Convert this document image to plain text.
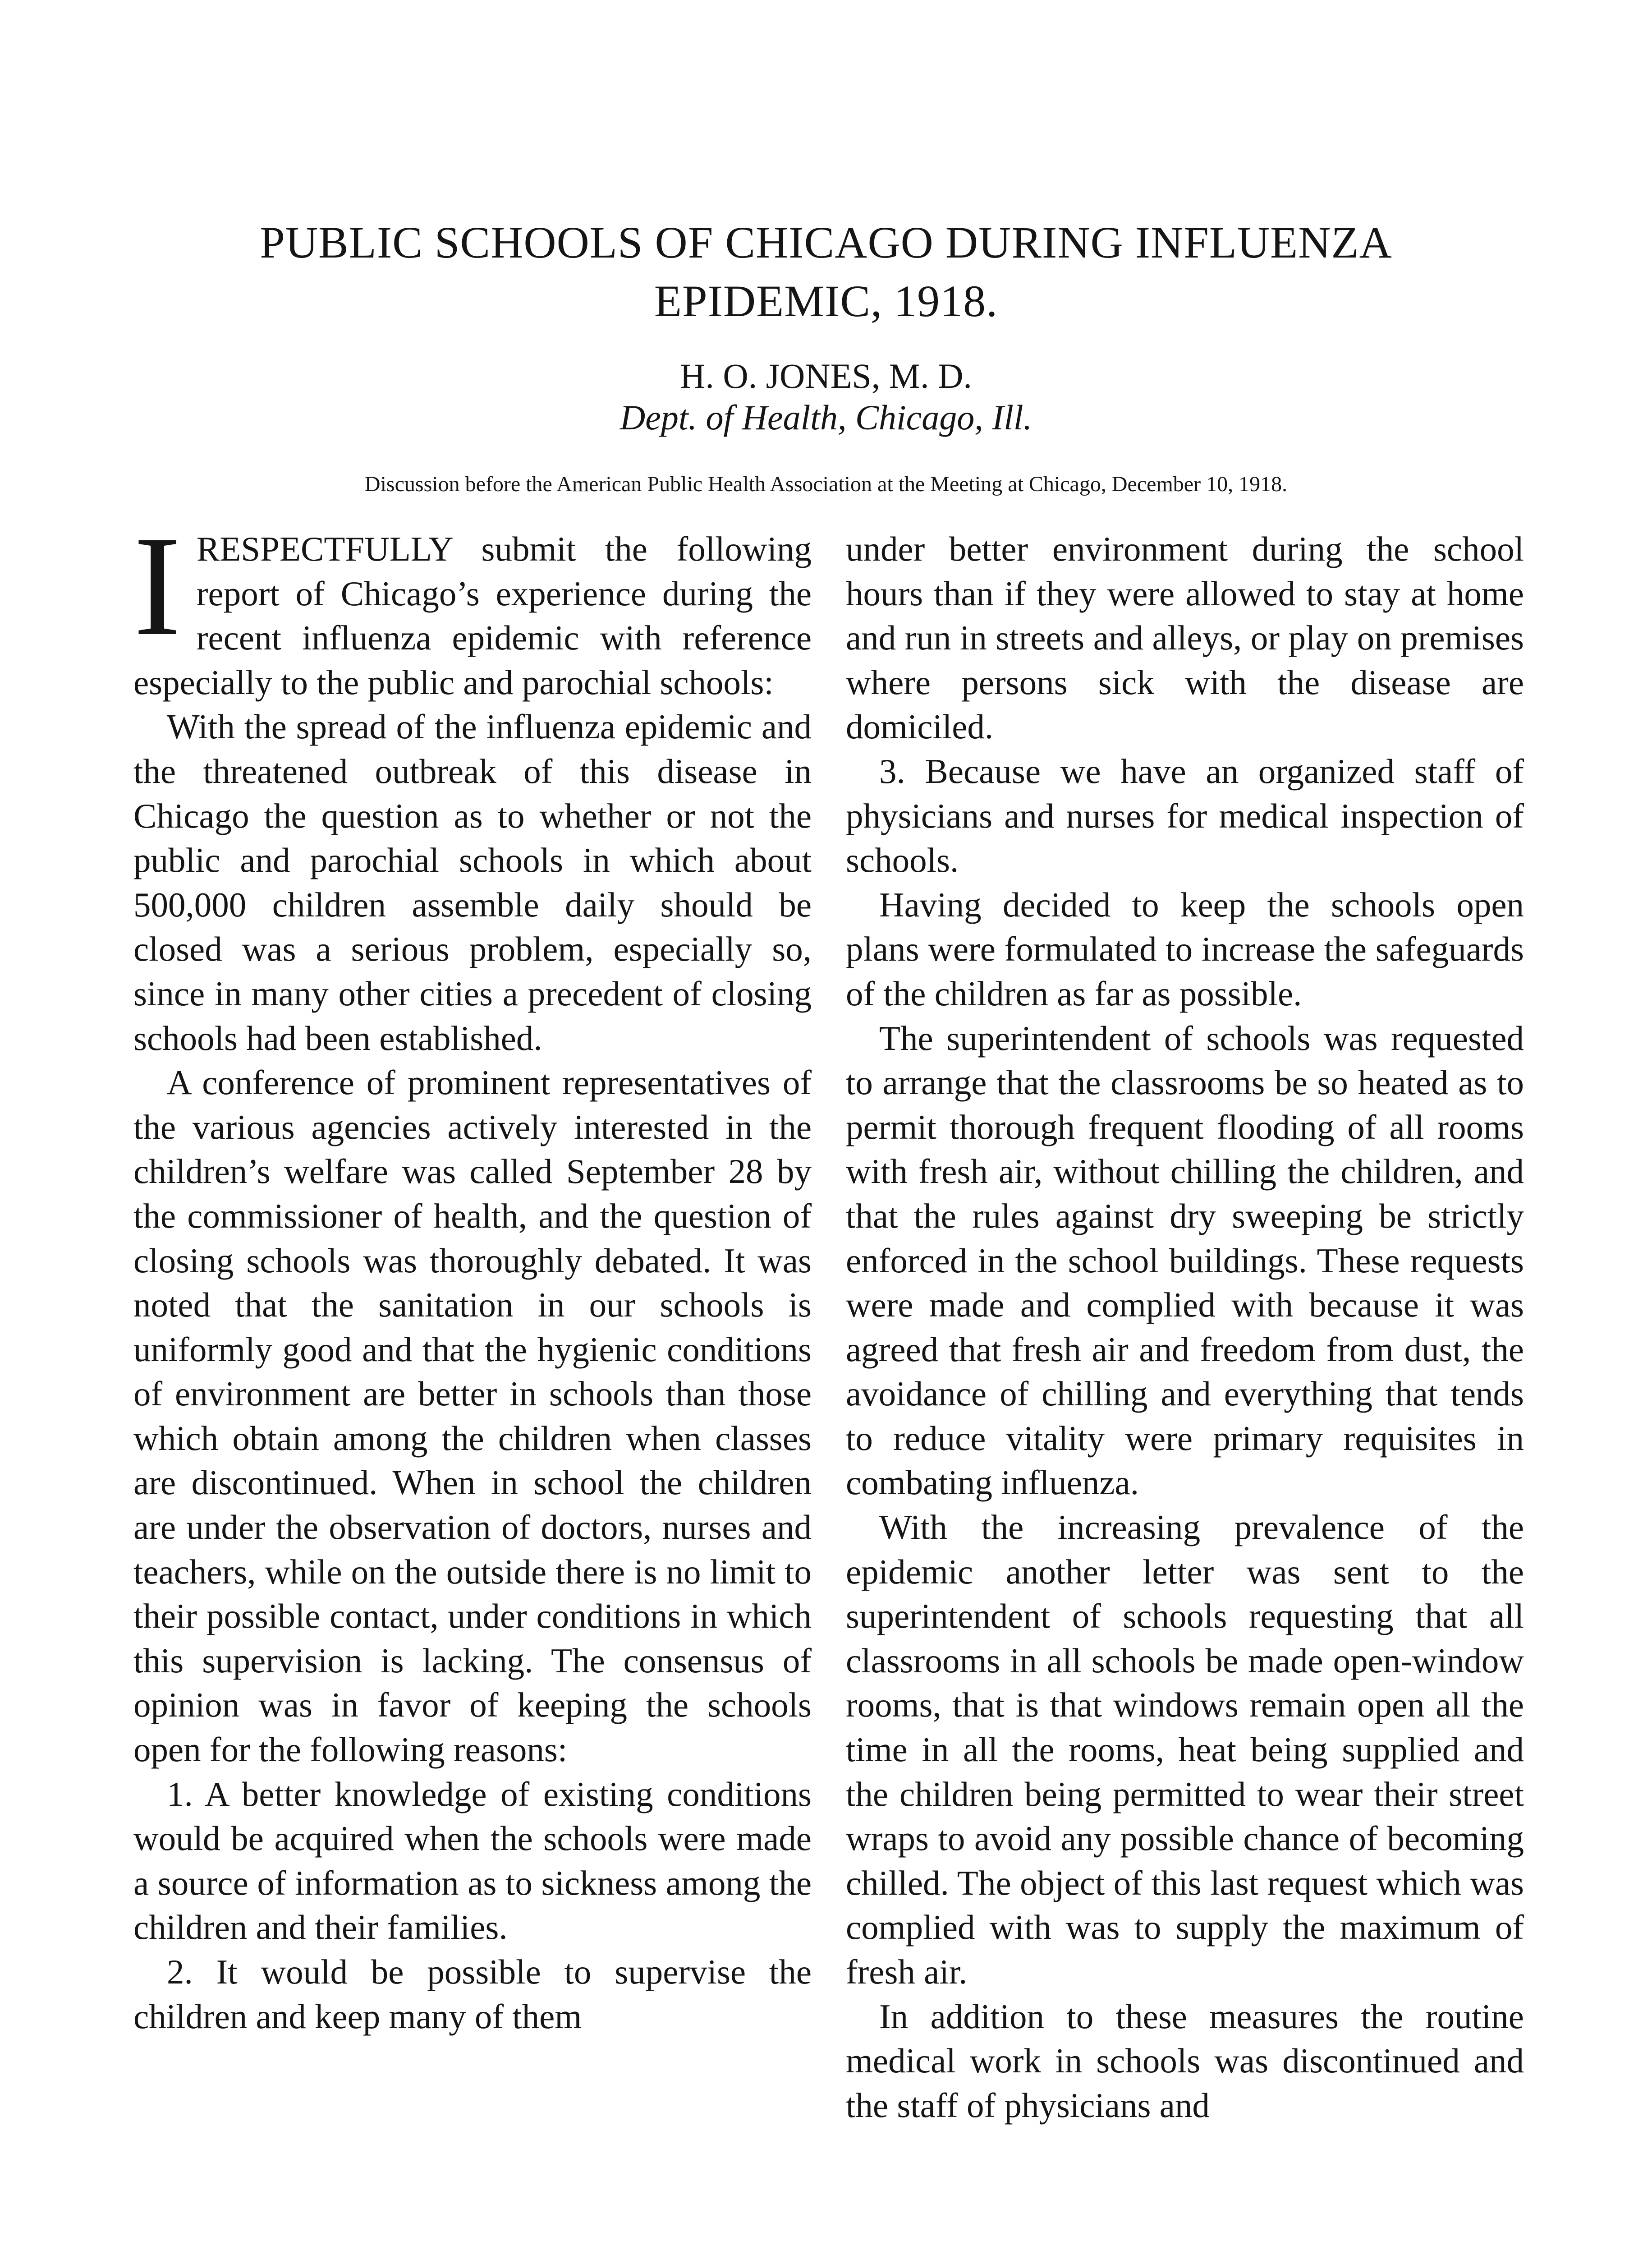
PUBLIC SCHOOLS OF CHICAGO DURING INFLUENZA
EPIDEMIC, 1918.
H. O. JONES, M. D.
Dept. of Health, Chicago, Ill.
Discussion before the American Public Health Association at the Meeting at Chicago, December 10, 1918.

IRESPECTFULLY submit the following report of Chicago’s experience during the recent influenza epidemic with reference especially to the public and parochial schools:

With the spread of the influenza epidemic and the threatened outbreak of this disease in Chicago the question as to whether or not the public and parochial schools in which about 500,000 children assemble daily should be closed was a serious problem, especially so, since in many other cities a precedent of closing schools had been established.

A conference of prominent representatives of the various agencies actively interested in the children’s welfare was called September 28 by the commissioner of health, and the question of closing schools was thoroughly debated. It was noted that the sanitation in our schools is uniformly good and that the hygienic conditions of environment are better in schools than those which obtain among the children when classes are discontinued. When in school the children are under the observation of doctors, nurses and teachers, while on the outside there is no limit to their possible contact, under conditions in which this supervision is lacking. The consensus of opinion was in favor of keeping the schools open for the following reasons:

1. A better knowledge of existing conditions would be acquired when the schools were made a source of information as to sickness among the children and their families.

2. It would be possible to supervise the children and keep many of them

under better environment during the school hours than if they were allowed to stay at home and run in streets and alleys, or play on premises where persons sick with the disease are domiciled.

3. Because we have an organized staff of physicians and nurses for medical inspection of schools.

Having decided to keep the schools open plans were formulated to increase the safeguards of the children as far as possible.

The superintendent of schools was requested to arrange that the classrooms be so heated as to permit thorough frequent flooding of all rooms with fresh air, without chilling the children, and that the rules against dry sweeping be strictly enforced in the school buildings. These requests were made and complied with because it was agreed that fresh air and freedom from dust, the avoidance of chilling and everything that tends to reduce vitality were primary requisites in combating influenza.

With the increasing prevalence of the epidemic another letter was sent to the superintendent of schools requesting that all classrooms in all schools be made open-window rooms, that is that windows remain open all the time in all the rooms, heat being supplied and the children being permitted to wear their street wraps to avoid any possible chance of becoming chilled. The object of this last request which was complied with was to supply the maximum of fresh air.

In addition to these measures the routine medical work in schools was discontinued and the staff of physicians and
